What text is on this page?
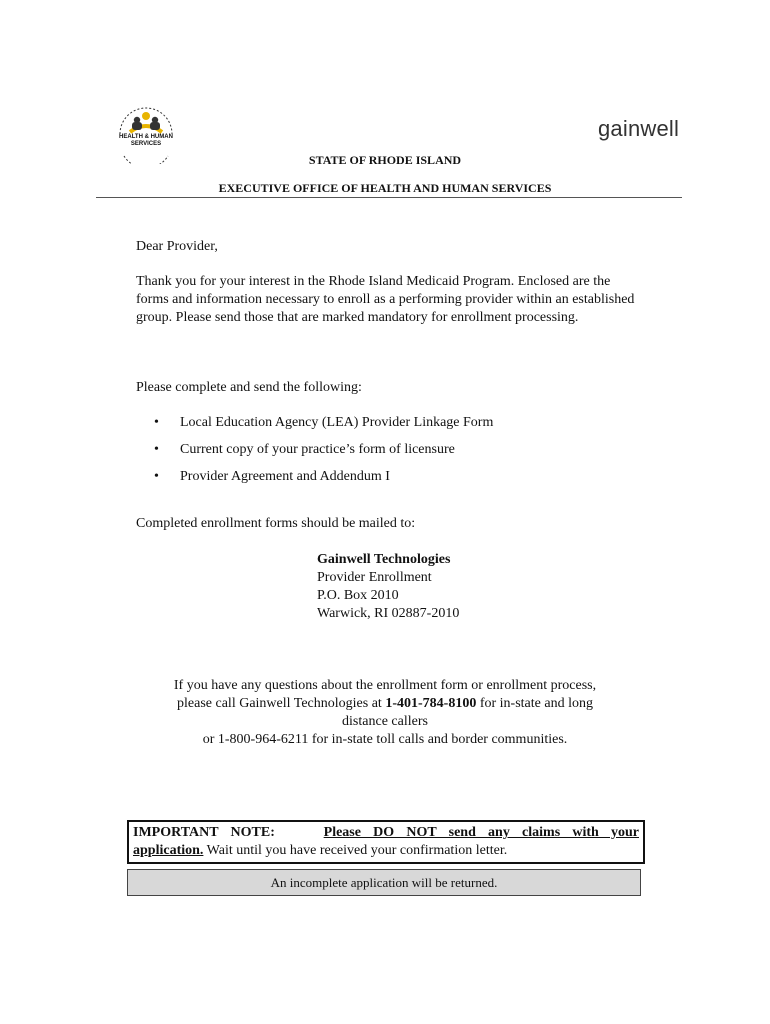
HEALTH & HUMAN
SERVICES
gainwell
STATE OF RHODE ISLAND
EXECUTIVE OFFICE OF HEALTH AND HUMAN SERVICES
Dear Provider,
Thank you for your interest in the Rhode Island Medicaid Program. Enclosed are the forms and information necessary to enroll as a performing provider within an established group. Please send those that are marked mandatory for enrollment processing.
Please complete and send the following:
• Local Education Agency (LEA) Provider Linkage Form
• Current copy of your practice’s form of licensure
• Provider Agreement and Addendum I
Completed enrollment forms should be mailed to:
Gainwell Technologies
Provider Enrollment
P.O. Box 2010
Warwick, RI 02887-2010
If you have any questions about the enrollment form or enrollment process,
please call Gainwell Technologies at 1-401-784-8100 for in-state and long
distance callers
or 1-800-964-6211 for in-state toll calls and border communities.
IMPORTANT NOTE:	Please DO NOT send any claims with your
application. Wait until you have received your confirmation letter.
An incomplete application will be returned.
